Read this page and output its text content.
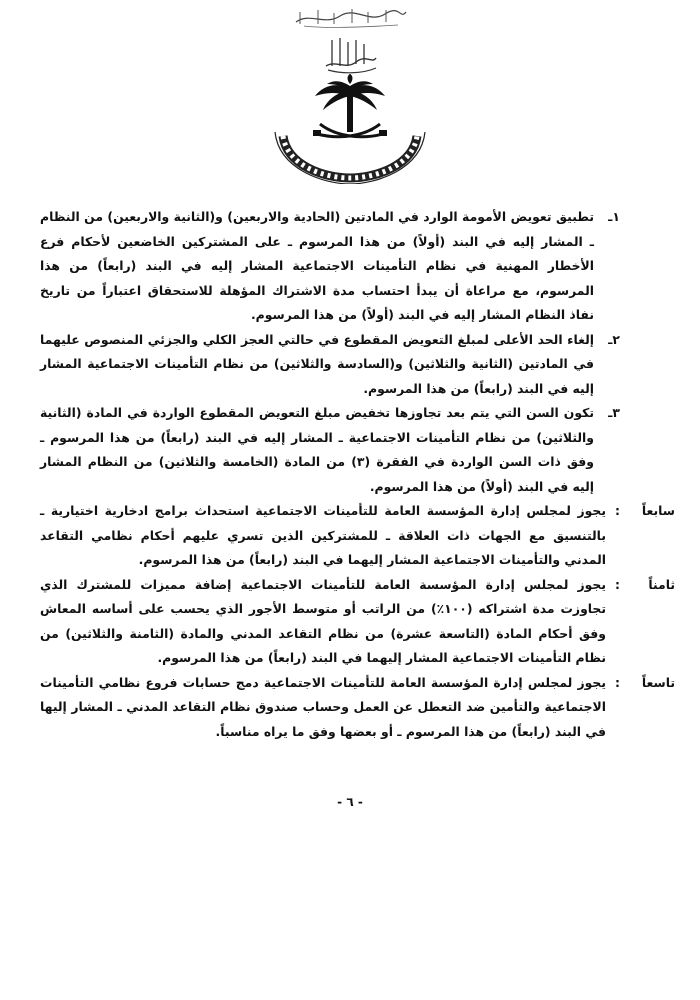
١ـ
تطبيق تعويض الأمومة الوارد في المادتين (الحادية والاربعين) و(الثانية والاربعين) من النظام ـ المشار إليه في البند (أولاً) من هذا المرسوم ـ على المشتركين الخاضعين لأحكام فرع الأخطار المهنية في نظام التأمينات الاجتماعية المشار إليه في البند (رابعاً) من هذا المرسوم، مع مراعاة أن يبدأ احتساب مدة الاشتراك المؤهلة للاستحقاق اعتباراً من تاريخ نفاذ النظام المشار إليه في البند (أولاً) من هذا المرسوم.
٢ـ
إلغاء الحد الأعلى لمبلغ التعويض المقطوع في حالتي العجز الكلي والجزئي المنصوص عليهما في المادتين (الثانية والثلاثين) و(السادسة والثلاثين) من نظام التأمينات الاجتماعية المشار إليه في البند (رابعاً) من هذا المرسوم.
٣ـ
تكون السن التي يتم بعد تجاوزها تخفيض مبلغ التعويض المقطوع الواردة في المادة (الثانية والثلاثين) من نظام التأمينات الاجتماعية ـ المشار إليه في البند (رابعاً) من هذا المرسوم ـ وفق ذات السن الواردة في الفقرة (٣) من المادة (الخامسة والثلاثين) من النظام المشار إليه في البند (أولاً) من هذا المرسوم.
سابعاً
:
يجوز لمجلس إدارة المؤسسة العامة للتأمينات الاجتماعية استحداث برامج ادخارية اختيارية ـ بالتنسيق مع الجهات ذات العلاقة ـ للمشتركين الذين تسري عليهم أحكام نظامي التقاعد المدني والتأمينات الاجتماعية المشار إليهما في البند (رابعاً) من هذا المرسوم.
ثامناً
:
يجوز لمجلس إدارة المؤسسة العامة للتأمينات الاجتماعية إضافة مميزات للمشترك الذي تجاوزت مدة اشتراكه (١٠٠٪) من الراتب أو متوسط الأجور الذي يحسب على أساسه المعاش وفق أحكام المادة (التاسعة عشرة) من نظام التقاعد المدني والمادة (الثامنة والثلاثين) من نظام التأمينات الاجتماعية المشار إليهما في البند (رابعاً) من هذا المرسوم.
تاسعاً
:
يجوز لمجلس إدارة المؤسسة العامة للتأمينات الاجتماعية دمج حسابات فروع نظامي التأمينات الاجتماعية والتأمين ضد التعطل عن العمل وحساب صندوق نظام التقاعد المدني ـ المشار إليها في البند (رابعاً) من هذا المرسوم ـ أو بعضها وفق ما يراه مناسباً.
- ٦ -
